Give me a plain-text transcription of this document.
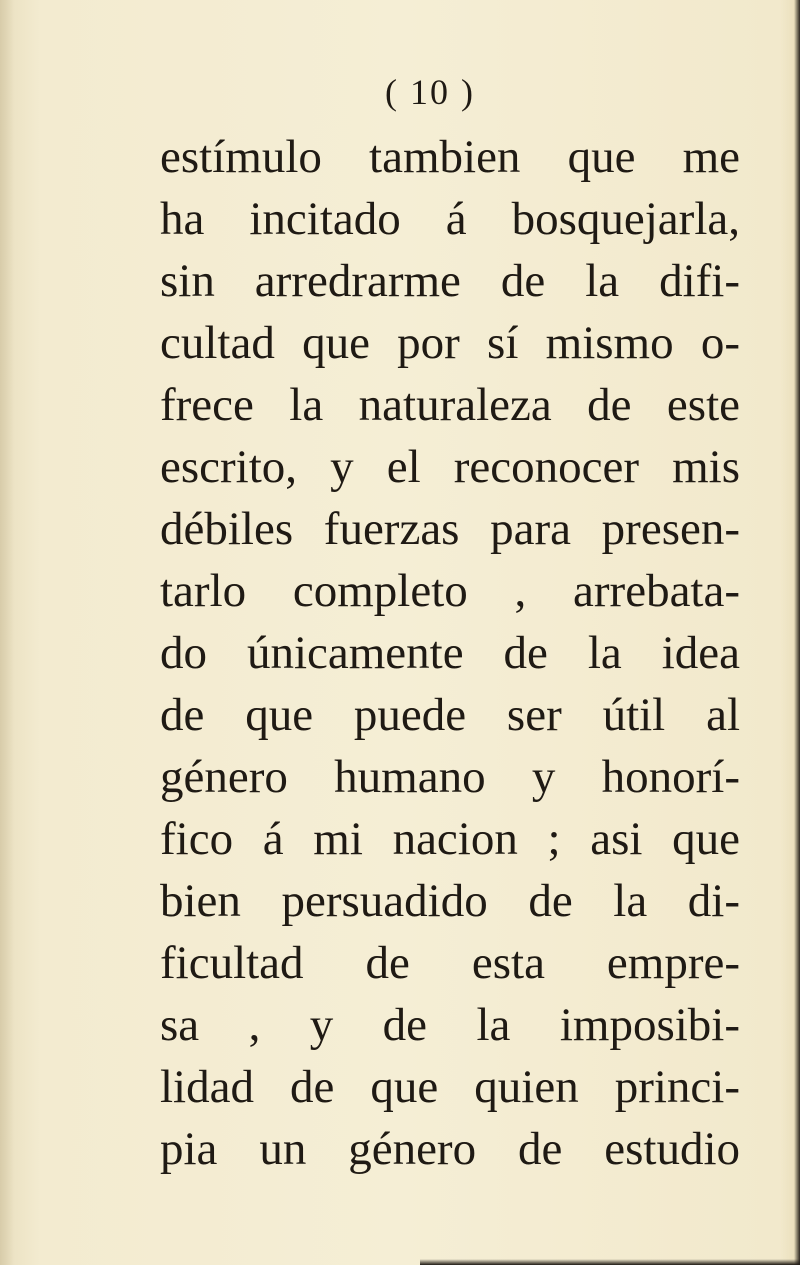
( 10 )
estímulo tambien que me
ha incitado á bosquejarla,
sin arredrarme de la difi-
cultad que por sí mismo o-
frece la naturaleza de este
escrito, y el reconocer mis
débiles fuerzas para presen-
tarlo completo , arrebata-
do únicamente de la idea
de que puede ser útil al
género humano y honorí-
fico á mi nacion ; asi que
bien persuadido de la di-
ficultad de esta empre-
sa , y de la imposibi-
lidad de que quien princi-
pia un género de estudio
